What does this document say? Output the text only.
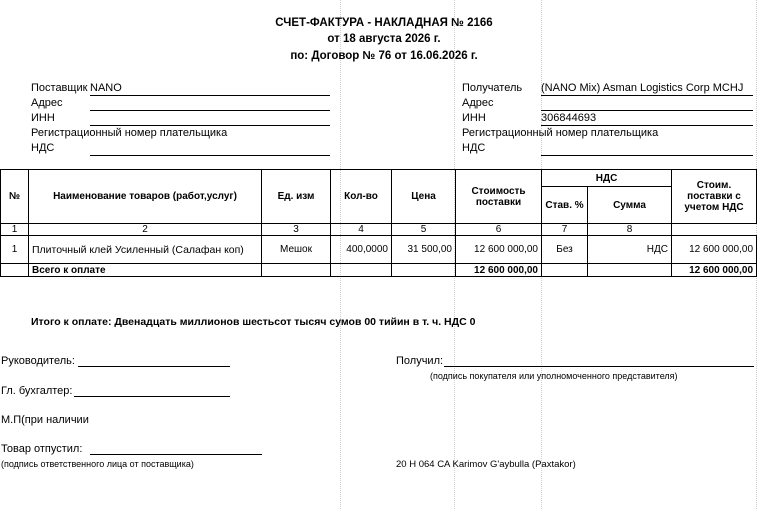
СЧЕТ-ФАКТУРА - НАКЛАДНАЯ № 2166
от 18 августа 2026 г.
по: Договор № 76 от 16.06.2026 г.
Поставщик NANO
Адрес
ИНН
Регистрационный номер плательщика
НДС
Получатель (NANO Mix) Asman Logistics Corp MCHJ
Адрес
ИНН	306844693
Регистрационный номер плательщика
НДС
№	Наименование товаров (работ,услуг)	Ед. изм	Кол-во	Цена	Стоимость поставки	НДС		Стоим. поставки с учетом НДС
						Став. %	Сумма	
1	2	3	4	5	6	7	8	
1	Плиточный клей Усиленный (Салафан коп)	Мешок	400,0000	31 500,00	12 600 000,00	Без	НДС	12 600 000,00
	Всего к оплате				12 600 000,00			12 600 000,00
Итого к оплате: Двенадцать миллионов шестьсот тысяч сумов 00 тийин в т. ч. НДС 0
Руководитель:
Гл. бухгалтер:
М.П(при наличии
Товар отпустил:
(подпись ответственного лица от поставщика)
Получил:
(подпись покупателя или уполномоченного представителя)
20 H 064 CA Karimov G'aybulla (Paxtakor)
